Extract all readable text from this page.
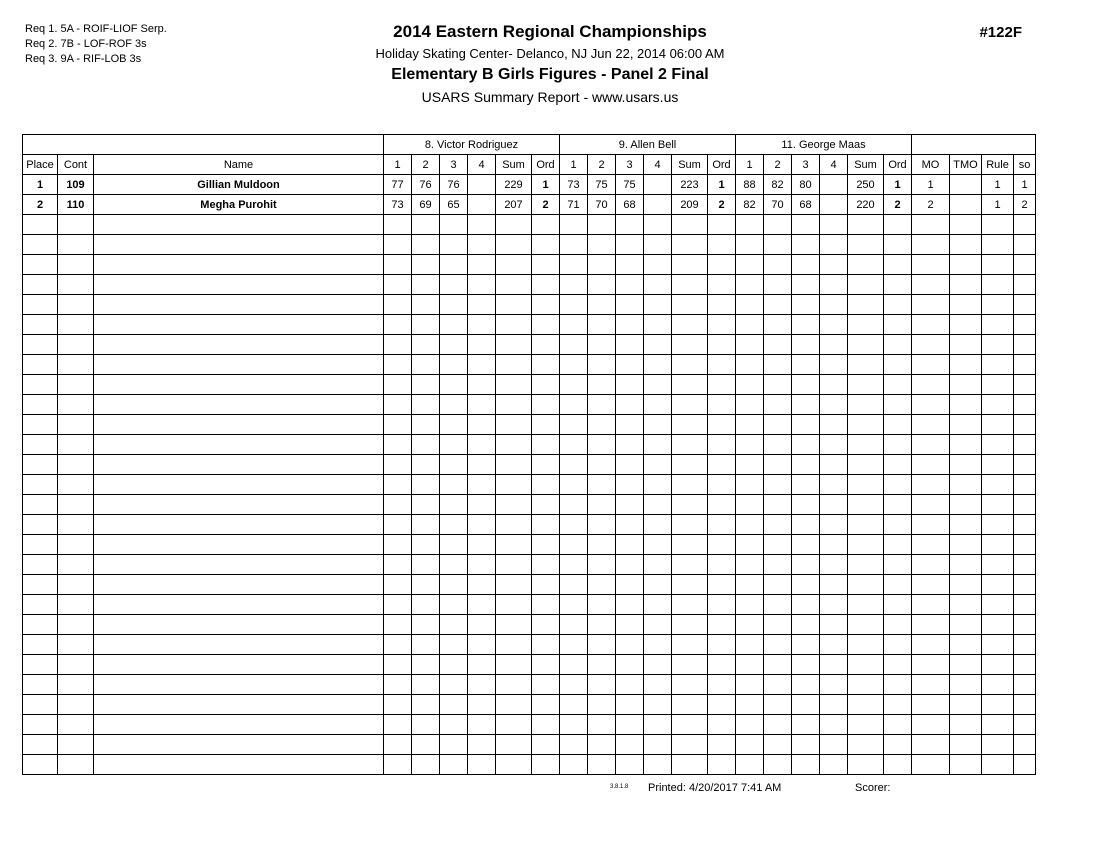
Req 1. 5A - ROIF-LIOF Serp.
Req 2. 7B - LOF-ROF 3s
Req 3. 9A - RIF-LOB 3s
2014 Eastern Regional Championships
Holiday Skating Center- Delanco, NJ Jun 22, 2014 06:00 AM
Elementary B Girls Figures - Panel 2 Final
USARS Summary Report - www.usars.us
#122F
			8. Victor Rodriguez						9. Allen Bell						11. George Maas									
Place	Cont	Name	1	2	3	4	Sum	Ord	1	2	3	4	Sum	Ord	1	2	3	4	Sum	Ord	MO	TMO	Rule	so
1	109	Gillian Muldoon	77	76	76		229	1	73	75	75		223	1	88	82	80		250	1	1		1	1
2	110	Megha Purohit	73	69	65		207	2	71	70	68		209	2	82	70	68		220	2	2		1	2

3.8.1.8 Printed: 4/20/2017 7:41 AM	Scorer:
